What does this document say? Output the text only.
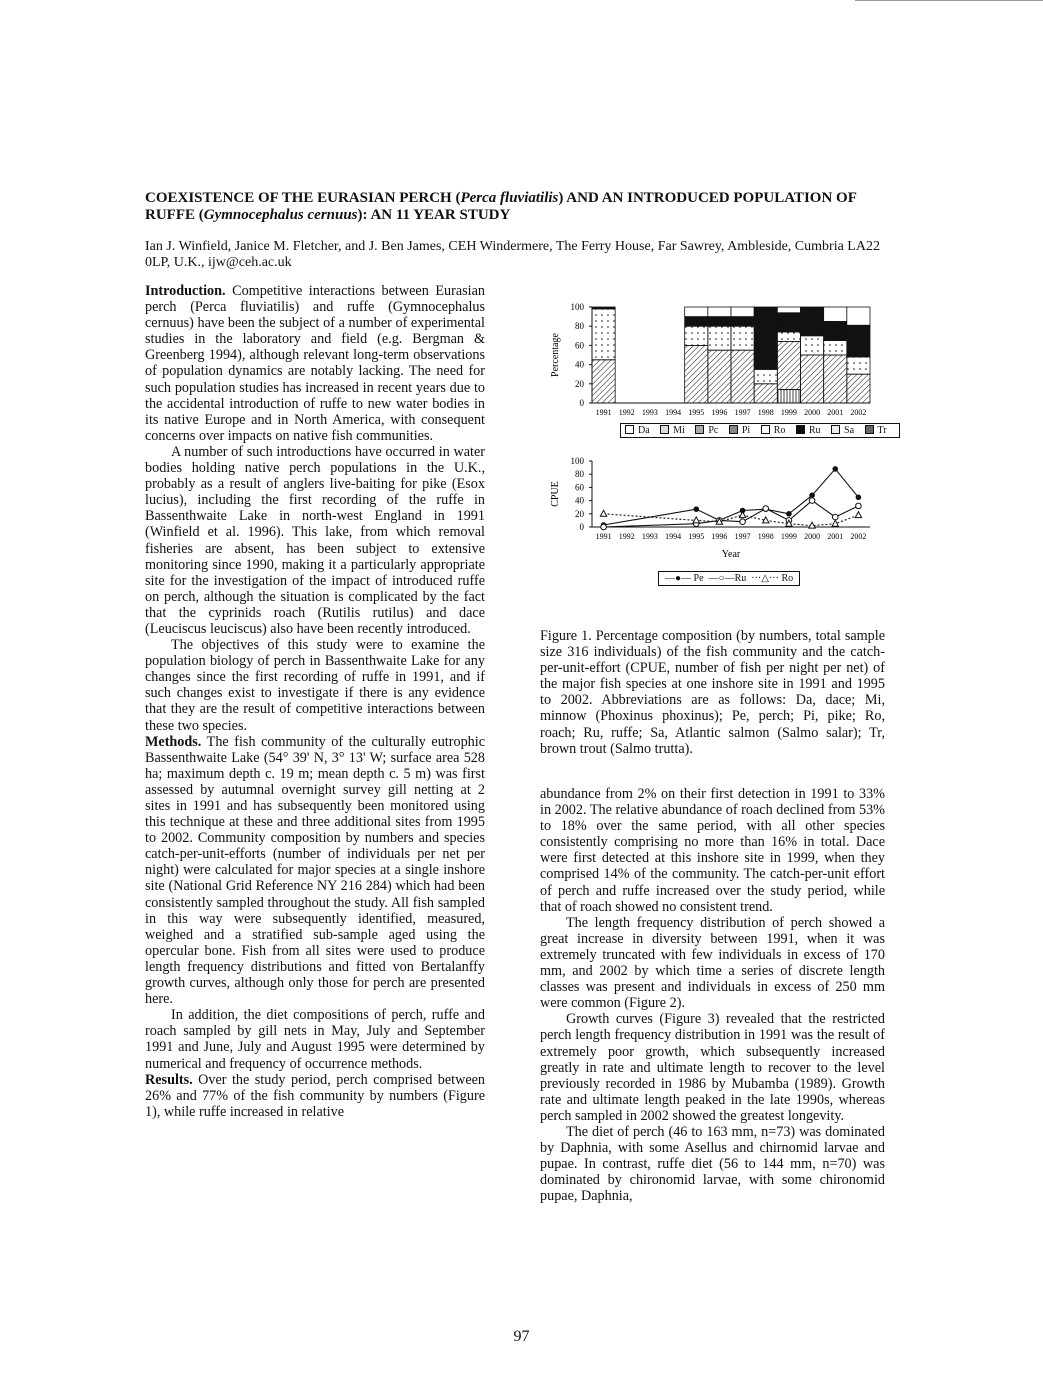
COEXISTENCE OF THE EURASIAN PERCH (Perca fluviatilis) AND AN INTRODUCED POPULATION OF RUFFE (Gymnocephalus cernuus): AN 11 YEAR STUDY
Ian J. Winfield, Janice M. Fletcher, and J. Ben James, CEH Windermere, The Ferry House, Far Sawrey, Ambleside, Cumbria LA22 0LP, U.K., ijw@ceh.ac.uk

Introduction. Competitive interactions between Eurasian perch (Perca fluviatilis) and ruffe (Gymnocephalus cernuus) have been the subject of a number of experimental studies in the laboratory and field (e.g. Bergman & Greenberg 1994), although relevant long-term observations of population dynamics are notably lacking. The need for such population studies has increased in recent years due to the accidental introduction of ruffe to new water bodies in its native Europe and in North America, with consequent concerns over impacts on native fish communities.

A number of such introductions have occurred in water bodies holding native perch populations in the U.K., probably as a result of anglers live-baiting for pike (Esox lucius), including the first recording of the ruffe in Bassenthwaite Lake in north-west England in 1991 (Winfield et al. 1996). This lake, from which removal fisheries are absent, has been subject to extensive monitoring since 1990, making it a particularly appropriate site for the investigation of the impact of introduced ruffe on perch, although the situation is complicated by the fact that the cyprinids roach (Rutilis rutilus) and dace (Leuciscus leuciscus) also have been recently introduced.

The objectives of this study were to examine the population biology of perch in Bassenthwaite Lake for any changes since the first recording of ruffe in 1991, and if such changes exist to investigate if there is any evidence that they are the result of competitive interactions between these two species.

Methods. The fish community of the culturally eutrophic Bassenthwaite Lake (54° 39' N, 3° 13' W; surface area 528 ha; maximum depth c. 19 m; mean depth c. 5 m) was first assessed by autumnal overnight survey gill netting at 2 sites in 1991 and has subsequently been monitored using this technique at these and three additional sites from 1995 to 2002. Community composition by numbers and species catch-per-unit-efforts (number of individuals per net per night) were calculated for major species at a single inshore site (National Grid Reference NY 216 284) which had been consistently sampled throughout the study. All fish sampled in this way were subsequently identified, measured, weighed and a stratified sub-sample aged using the opercular bone. Fish from all sites were used to produce length frequency distributions and fitted von Bertalanffy growth curves, although only those for perch are presented here.

In addition, the diet compositions of perch, ruffe and roach sampled by gill nets in May, July and September 1991 and June, July and August 1995 were determined by numerical and frequency of occurrence methods.

Results. Over the study period, perch comprised between 26% and 77% of the fish community by numbers (Figure 1), while ruffe increased in relative

0
20
40
60
80
100
1991 1992 1993 1994 1995 1996 1997 1998 1999 2000 2001 2002
Percentage
0
20
40
60
80
100
1991 1992 1993 1994 1995 1996 1997 1998 1999 2000 2001 2002
Year
CPUE
Da Mi Pc Pi Ro Ru Sa Tr
―●― Pe  ―○―Ru  ···△··· Ro
Figure 1. Percentage composition (by numbers, total sample size 316 individuals) of the fish community and the catch-per-unit-effort (CPUE, number of fish per night per net) of the major fish species at one inshore site in 1991 and 1995 to 2002. Abbreviations are as follows: Da, dace; Mi, minnow (Phoxinus phoxinus); Pe, perch; Pi, pike; Ro, roach; Ru, ruffe; Sa, Atlantic salmon (Salmo salar); Tr, brown trout (Salmo trutta).

abundance from 2% on their first detection in 1991 to 33% in 2002. The relative abundance of roach declined from 53% to 18% over the same period, with all other species consistently comprising no more than 16% in total. Dace were first detected at this inshore site in 1999, when they comprised 14% of the community. The catch-per-unit effort of perch and ruffe increased over the study period, while that of roach showed no consistent trend.

The length frequency distribution of perch showed a great increase in diversity between 1991, when it was extremely truncated with few individuals in excess of 170 mm, and 2002 by which time a series of discrete length classes was present and individuals in excess of 250 mm were common (Figure 2).

Growth curves (Figure 3) revealed that the restricted perch length frequency distribution in 1991 was the result of extremely poor growth, which subsequently increased greatly in rate and ultimate length to recover to the level previously recorded in 1986 by Mubamba (1989). Growth rate and ultimate length peaked in the late 1990s, whereas perch sampled in 2002 showed the greatest longevity.

The diet of perch (46 to 163 mm, n=73) was dominated by Daphnia, with some Asellus and chirnomid larvae and pupae. In contrast, ruffe diet (56 to 144 mm, n=70) was dominated by chironomid larvae, with some chironomid pupae, Daphnia,

97
